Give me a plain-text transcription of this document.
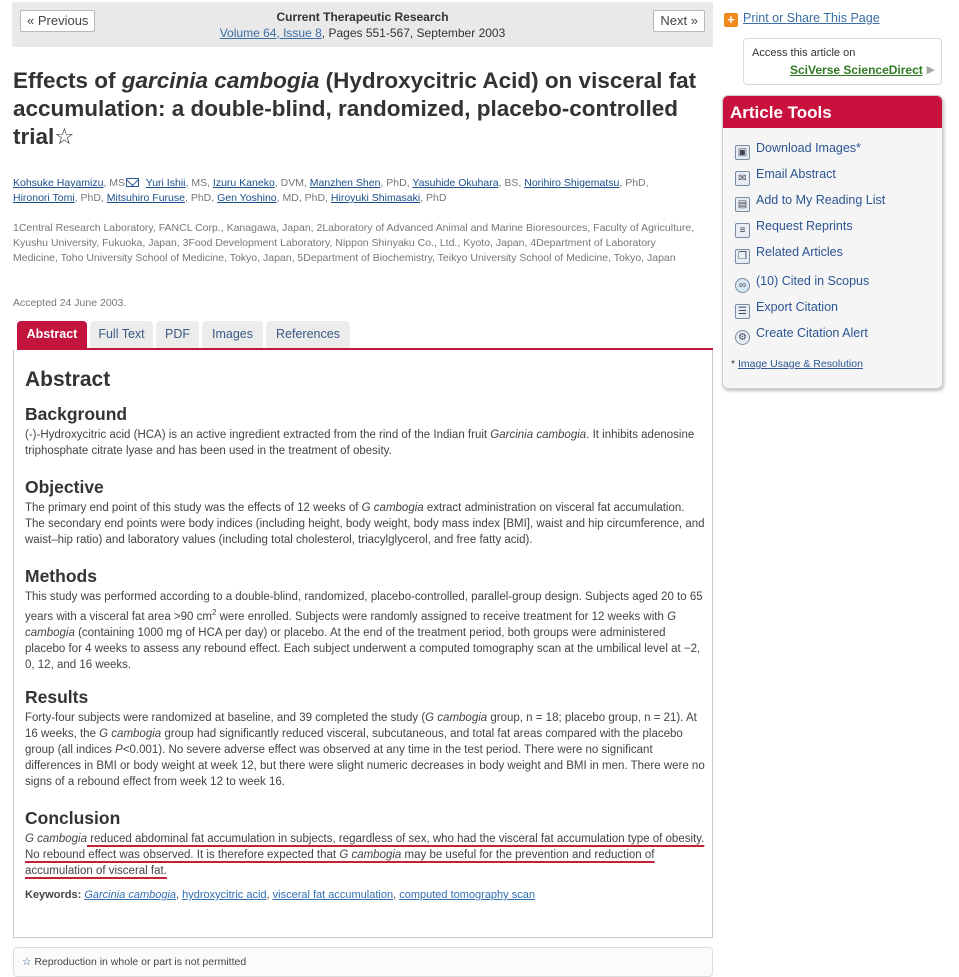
« Previous	Current Therapeutic Research
Volume 64, Issue 8, Pages 551-567, September 2003
Next »
Effects of garcinia cambogia (Hydroxycitric Acid) on visceral fat accumulation: a double-blind, randomized, placebo-controlled trial☆
Kohsuke Hayamizu, MS Yuri Ishii, MS, Izuru Kaneko, DVM, Manzhen Shen, PhD, Yasuhide Okuhara, BS, Norihiro Shigematsu, PhD,
Hironori Tomi, PhD, Mitsuhiro Furuse, PhD, Gen Yoshino, MD, PhD, Hiroyuki Shimasaki, PhD
1Central Research Laboratory, FANCL Corp., Kanagawa, Japan, 2Laboratory of Advanced Animal and Marine Bioresources, Faculty of Agriculture, Kyushu University, Fukuoka, Japan, 3Food Development Laboratory, Nippon Shinyaku Co., Ltd., Kyoto, Japan, 4Department of Laboratory Medicine, Toho University School of Medicine, Tokyo, Japan, 5Department of Biochemistry, Teikyo University School of Medicine, Tokyo, Japan
Accepted 24 June 2003.
Abstract	Full Text	PDF	Images	References
Abstract
Background
(-)-Hydroxycitric acid (HCA) is an active ingredient extracted from the rind of the Indian fruit Garcinia cambogia. It inhibits adenosine triphosphate citrate lyase and has been used in the treatment of obesity.
Objective
The primary end point of this study was the effects of 12 weeks of G cambogia extract administration on visceral fat accumulation. The secondary end points were body indices (including height, body weight, body mass index [BMI], waist and hip circumference, and waist–hip ratio) and laboratory values (including total cholesterol, triacylglycerol, and free fatty acid).
Methods
This study was performed according to a double-blind, randomized, placebo-controlled, parallel-group design. Subjects aged 20 to 65 years with a visceral fat area >90 $cm^2$ were enrolled. Subjects were randomly assigned to receive treatment for 12 weeks with G cambogia (containing 1000 mg of HCA per day) or placebo. At the end of the treatment period, both groups were administered placebo for 4 weeks to assess any rebound effect. Each subject underwent a computed tomography scan at the umbilical level at −2, 0, 12, and 16 weeks.
Results
Forty-four subjects were randomized at baseline, and 39 completed the study (G cambogia group, n = 18; placebo group, n = 21). At 16 weeks, the G cambogia group had significantly reduced visceral, subcutaneous, and total fat areas compared with the placebo group (all indices P<0.001). No severe adverse effect was observed at any time in the test period. There were no significant differences in BMI or body weight at week 12, but there were slight numeric decreases in body weight and BMI in men. There were no signs of a rebound effect from week 12 to week 16.
Conclusion
G cambogia reduced abdominal fat accumulation in subjects, regardless of sex, who had the visceral fat accumulation type of obesity. No rebound effect was observed. It is therefore expected that G cambogia may be useful for the prevention and reduction of accumulation of visceral fat.
Keywords: Garcinia cambogia, hydroxycitric acid, visceral fat accumulation, computed tomography scan
☆ Reproduction in whole or part is not permitted
+ Print or Share This Page
Access this article on
SciVerse ScienceDirect ▶
Article Tools
▣ Download Images*
✉ Email Abstract
▤ Add to My Reading List
≡ Request Reprints
❐ Related Articles
∞ (10) Cited in Scopus
☰ Export Citation
⚙ Create Citation Alert
* Image Usage & Resolution
